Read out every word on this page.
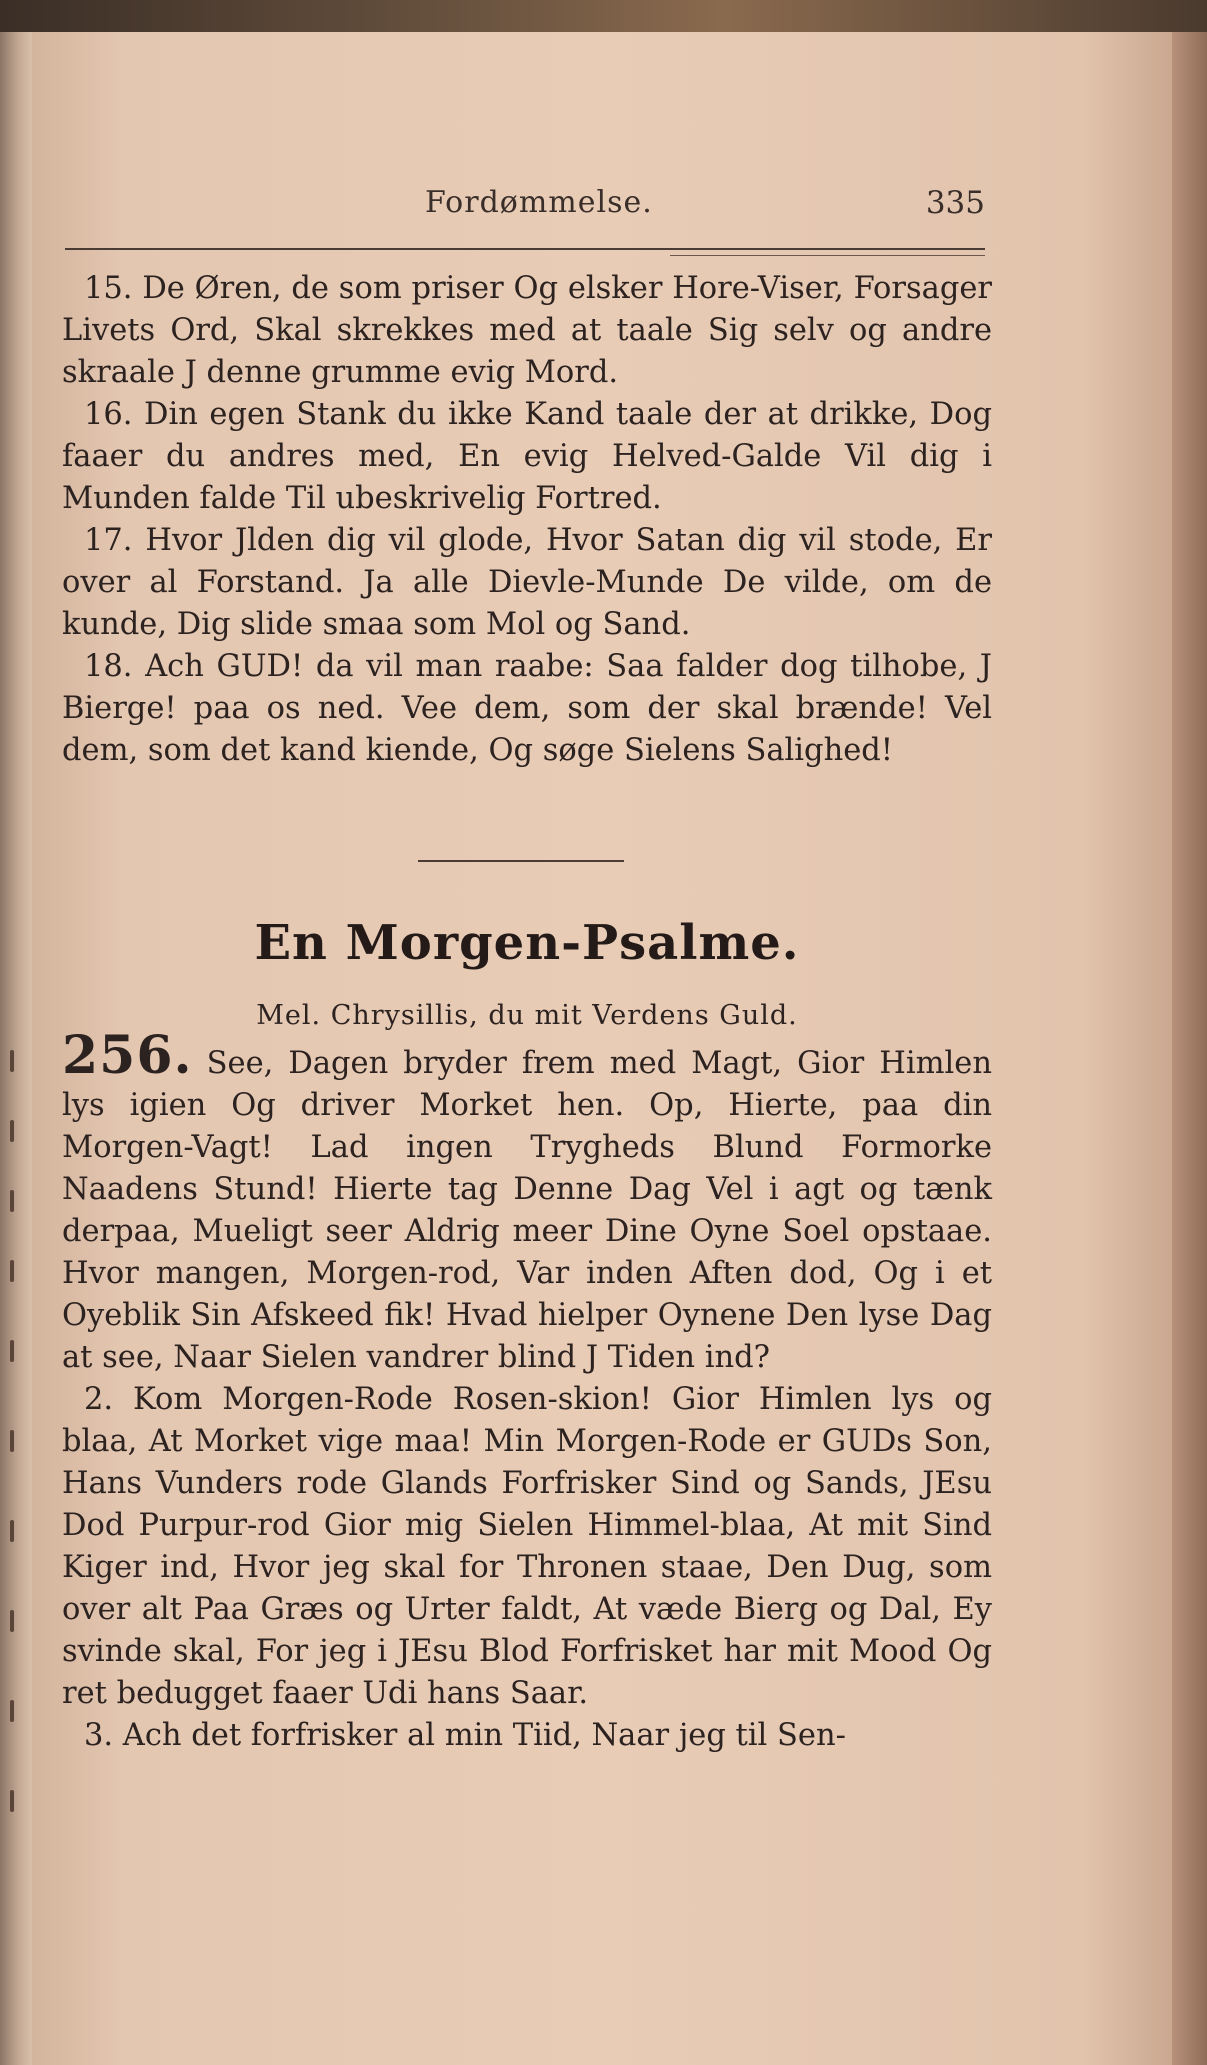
Fordømmelse.	335

15. De Øren, de som priser Og elsker Hore-Viser, Forsager Livets Ord, Skal skrekkes med at taale Sig selv og andre skraale J denne grumme evig Mord.

16. Din egen Stank du ikke Kand taale der at drikke, Dog faaer du andres med, En evig Helved-Galde Vil dig i Munden falde Til ubeskrivelig Fortred.

17. Hvor Jlden dig vil glode, Hvor Satan dig vil stode, Er over al Forstand. Ja alle Dievle-Munde De vilde, om de kunde, Dig slide smaa som Mol og Sand.

18. Ach GUD! da vil man raabe: Saa falder dog tilhobe, J Bierge! paa os ned. Vee dem, som der skal brænde! Vel dem, som det kand kiende, Og søge Sielens Salighed!

En Morgen-Psalme.
Mel. Chrysillis, du mit Verdens Guld.

256. See, Dagen bryder frem med Magt, Gior Himlen lys igien Og driver Morket hen. Op, Hierte, paa din Morgen-Vagt! Lad ingen Trygheds Blund Formorke Naadens Stund! Hierte tag Denne Dag Vel i agt og tænk derpaa, Mueligt seer Aldrig meer Dine Oyne Soel opstaae. Hvor mangen, Morgen-rod, Var inden Aften dod, Og i et Oyeblik Sin Afskeed fik! Hvad hielper Oynene Den lyse Dag at see, Naar Sielen vandrer blind J Tiden ind?

2. Kom Morgen-Rode Rosen-skion! Gior Himlen lys og blaa, At Morket vige maa! Min Morgen-Rode er GUDs Son, Hans Vunders rode Glands Forfrisker Sind og Sands, JEsu Dod Purpur-rod Gior mig Sielen Himmel-blaa, At mit Sind Kiger ind, Hvor jeg skal for Thronen staae, Den Dug, som over alt Paa Græs og Urter faldt, At væde Bierg og Dal, Ey svinde skal, For jeg i JEsu Blod Forfrisket har mit Mood Og ret bedugget faaer Udi hans Saar.

3. Ach det forfrisker al min Tiid, Naar jeg til Sen-
